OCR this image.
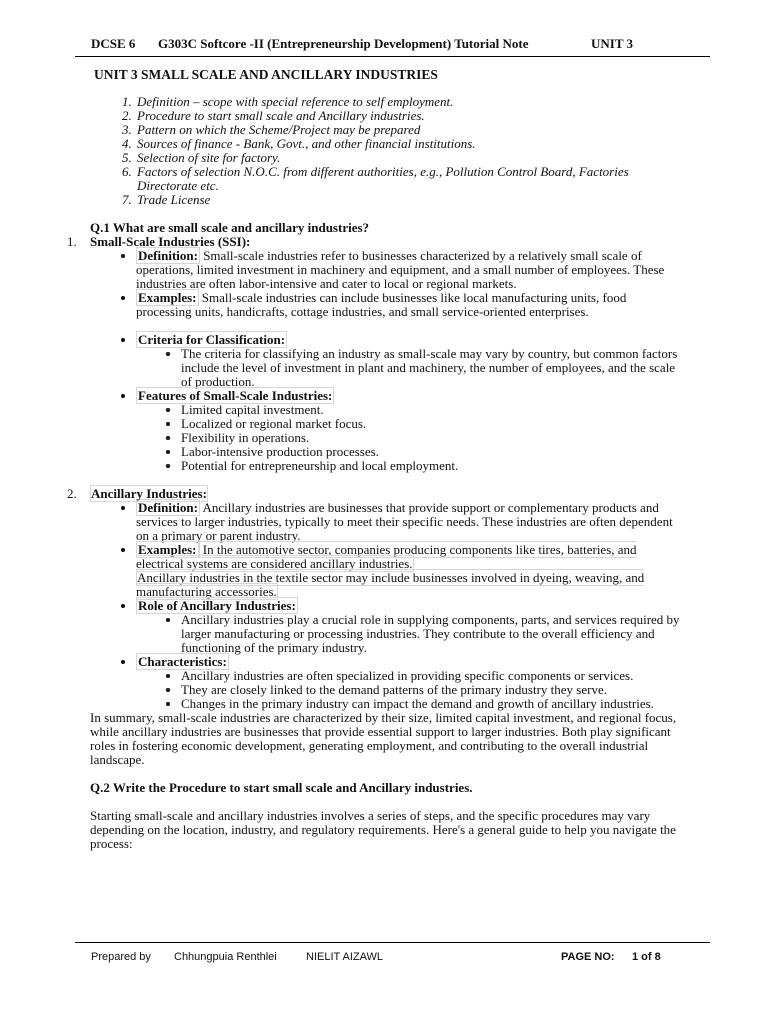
DCSE 6 G303C Softcore -II (Entrepreneurship Development) Tutorial Note	UNIT 3
UNIT 3 SMALL SCALE AND ANCILLARY INDUSTRIES
1. Definition – scope with special reference to self employment.
2. Procedure to start small scale and Ancillary industries.
3. Pattern on which the Scheme/Project may be prepared
4. Sources of finance - Bank, Govt., and other financial institutions.
5. Selection of site for factory.
6. Factors of selection N.O.C. from different authorities, e.g., Pollution Control Board, Factories Directorate etc.
7. Trade License

Q.1 What are small scale and ancillary industries?

1. Small-Scale Industries (SSI):
• Definition: Small-scale industries refer to businesses characterized by a relatively small scale of operations, limited investment in machinery and equipment, and a small number of employees. These industries are often labor-intensive and cater to local or regional markets.
• Examples: Small-scale industries can include businesses like local manufacturing units, food processing units, handicrafts, cottage industries, and small service-oriented enterprises.
• Criteria for Classification:
• The criteria for classifying an industry as small-scale may vary by country, but common factors include the level of investment in plant and machinery, the number of employees, and the scale of production.
• Features of Small-Scale Industries:
• Limited capital investment.
• Localized or regional market focus.
• Flexibility in operations.
• Labor-intensive production processes.
• Potential for entrepreneurship and local employment.
2. Ancillary Industries:
• Definition: Ancillary industries are businesses that provide support or complementary products and services to larger industries, typically to meet their specific needs. These industries are often dependent on a primary or parent industry.
• Examples: In the automotive sector, companies producing components like tires, batteries, and electrical systems are considered ancillary industries.
Ancillary industries in the textile sector may include businesses involved in dyeing, weaving, and manufacturing accessories.
• Role of Ancillary Industries:
• Ancillary industries play a crucial role in supplying components, parts, and services required by larger manufacturing or processing industries. They contribute to the overall efficiency and functioning of the primary industry.
• Characteristics:
• Ancillary industries are often specialized in providing specific components or services.
• They are closely linked to the demand patterns of the primary industry they serve.
• Changes in the primary industry can impact the demand and growth of ancillary industries.

In summary, small-scale industries are characterized by their size, limited capital investment, and regional focus, while ancillary industries are businesses that provide essential support to larger industries. Both play significant roles in fostering economic development, generating employment, and contributing to the overall industrial landscape.

Q.2 Write the Procedure to start small scale and Ancillary industries.

Starting small-scale and ancillary industries involves a series of steps, and the specific procedures may vary depending on the location, industry, and regulatory requirements. Here's a general guide to help you navigate the process:

Prepared by Chhungpuia Renthlei	NIELIT AIZAWL	PAGE NO: 1 of 8
